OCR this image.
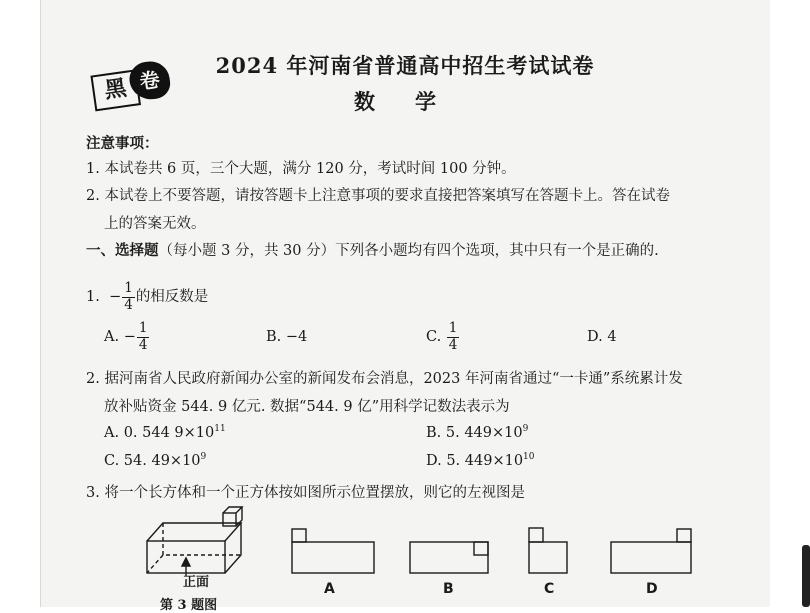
黑 卷
2024 年河南省普通高中招生考试试卷
数学
注意事项：
1. 本试卷共 6 页，三个大题，满分 120 分，考试时间 100 分钟。
2. 本试卷上不要答题，请按答题卡上注意事项的要求直接把答案填写在答题卡上。答在试卷
上的答案无效。
一、选择题（每小题 3 分，共 30 分）下列各小题均有四个选项，其中只有一个是正确的.
1. − $\frac{1}{4}$ 的相反数是
A. − $\frac{1}{4}$	B. −4	C. $\frac{1}{4}$	D. 4
2. 据河南省人民政府新闻办公室的新闻发布会消息，2023 年河南省通过“一卡通”系统累计发
放补贴资金 544. 9 亿元. 数据“544. 9 亿”用科学记数法表示为
A. 0. 544 $9\times 10^{11}$	B. 5. $449\times 10^9$
C. 54. $49\times 10^9$	D. 5. $449\times 10^{10}$
3. 将一个长方体和一个正方体按如图所示位置摆放，则它的左视图是
正面
第 3 题图
A	B	C	D
